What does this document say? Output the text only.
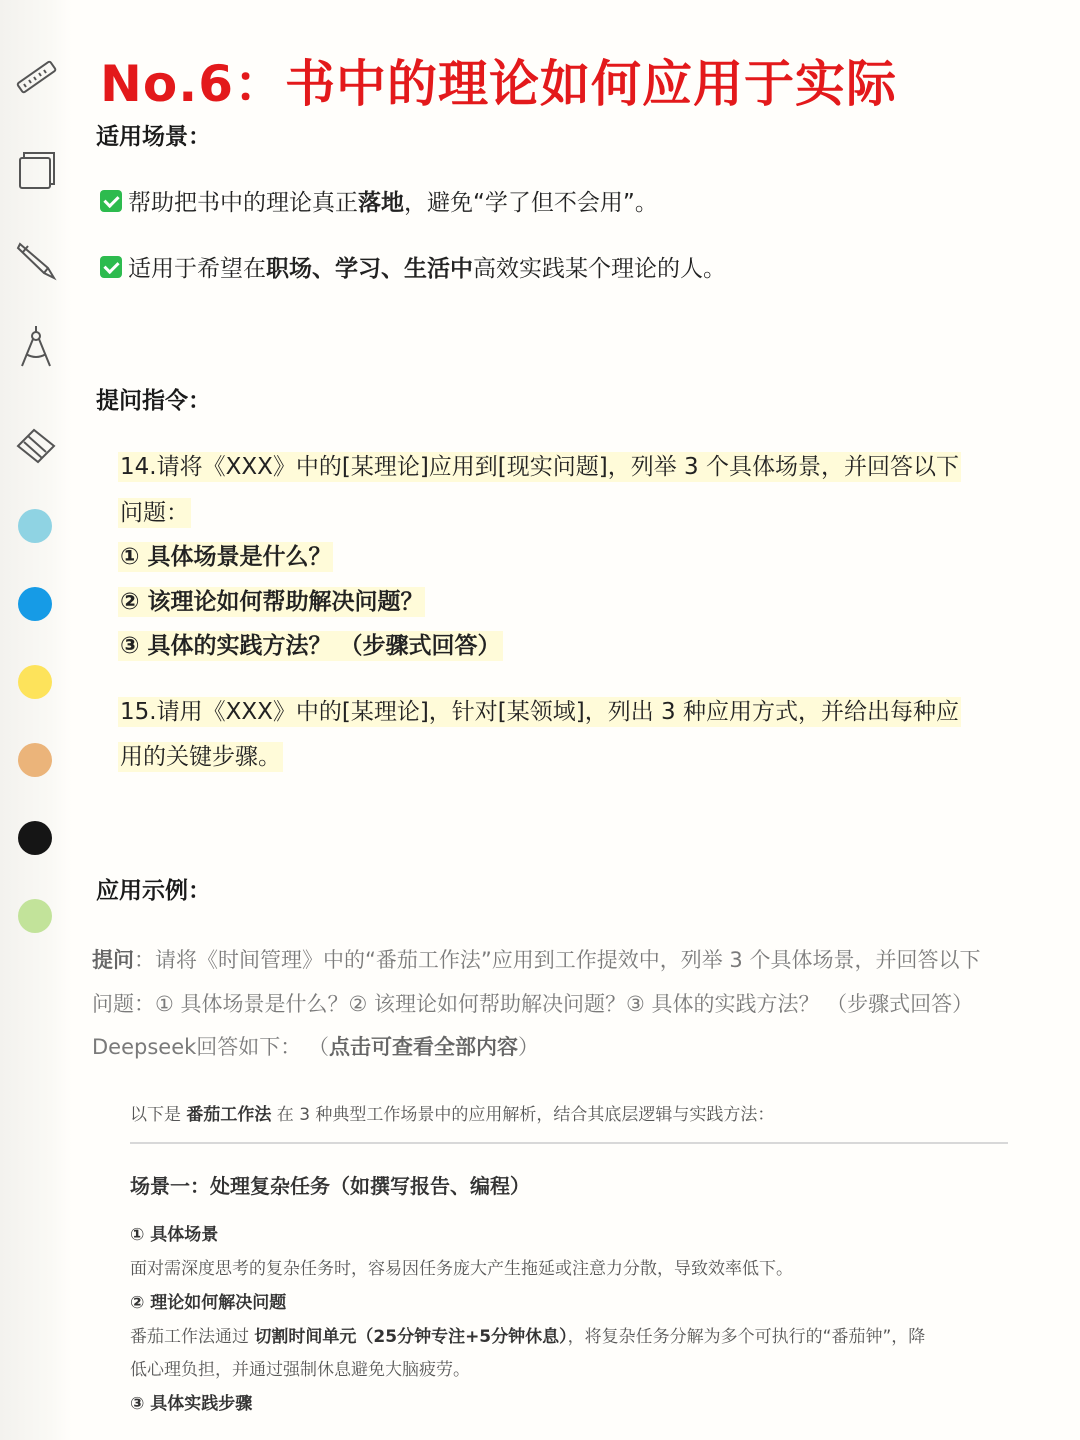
No.6：书中的理论如何应用于实际
适用场景：
帮助把书中的理论真正 落地 ，避免“学了但不会用”。
适用于希望在 职场、学习、生活中 高效实践某个理论的人。
提问指令：
14.请将《XXX》中的[某理论]应用到[现实问题]，列举 3 个具体场景，并回答以下
问题：
① 具体场景是什么？
② 该理论如何帮助解决问题？
③ 具体的实践方法？ （步骤式回答）
15.请用《XXX》中的[某理论]，针对[某领域]，列出 3 种应用方式，并给出每种应
用的关键步骤。
应用示例：
提问：请将《时间管理》中的“番茄工作法”应用到工作提效中，列举 3 个具体场景，并回答以下
问题：① 具体场景是什么？② 该理论如何帮助解决问题？③ 具体的实践方法？ （步骤式回答）
Deepseek回答如下： （点击可查看全部内容）
以下是 番茄工作法 在 3 种典型工作场景中的应用解析，结合其底层逻辑与实践方法：
场景一：处理复杂任务（如撰写报告、编程）
① 具体场景
面对需深度思考的复杂任务时，容易因任务庞大产生拖延或注意力分散，导致效率低下。
② 理论如何解决问题
番茄工作法通过 切割时间单元（25分钟专注+5分钟休息），将复杂任务分解为多个可执行的“番茄钟”，降
低心理负担，并通过强制休息避免大脑疲劳。
③ 具体实践步骤
